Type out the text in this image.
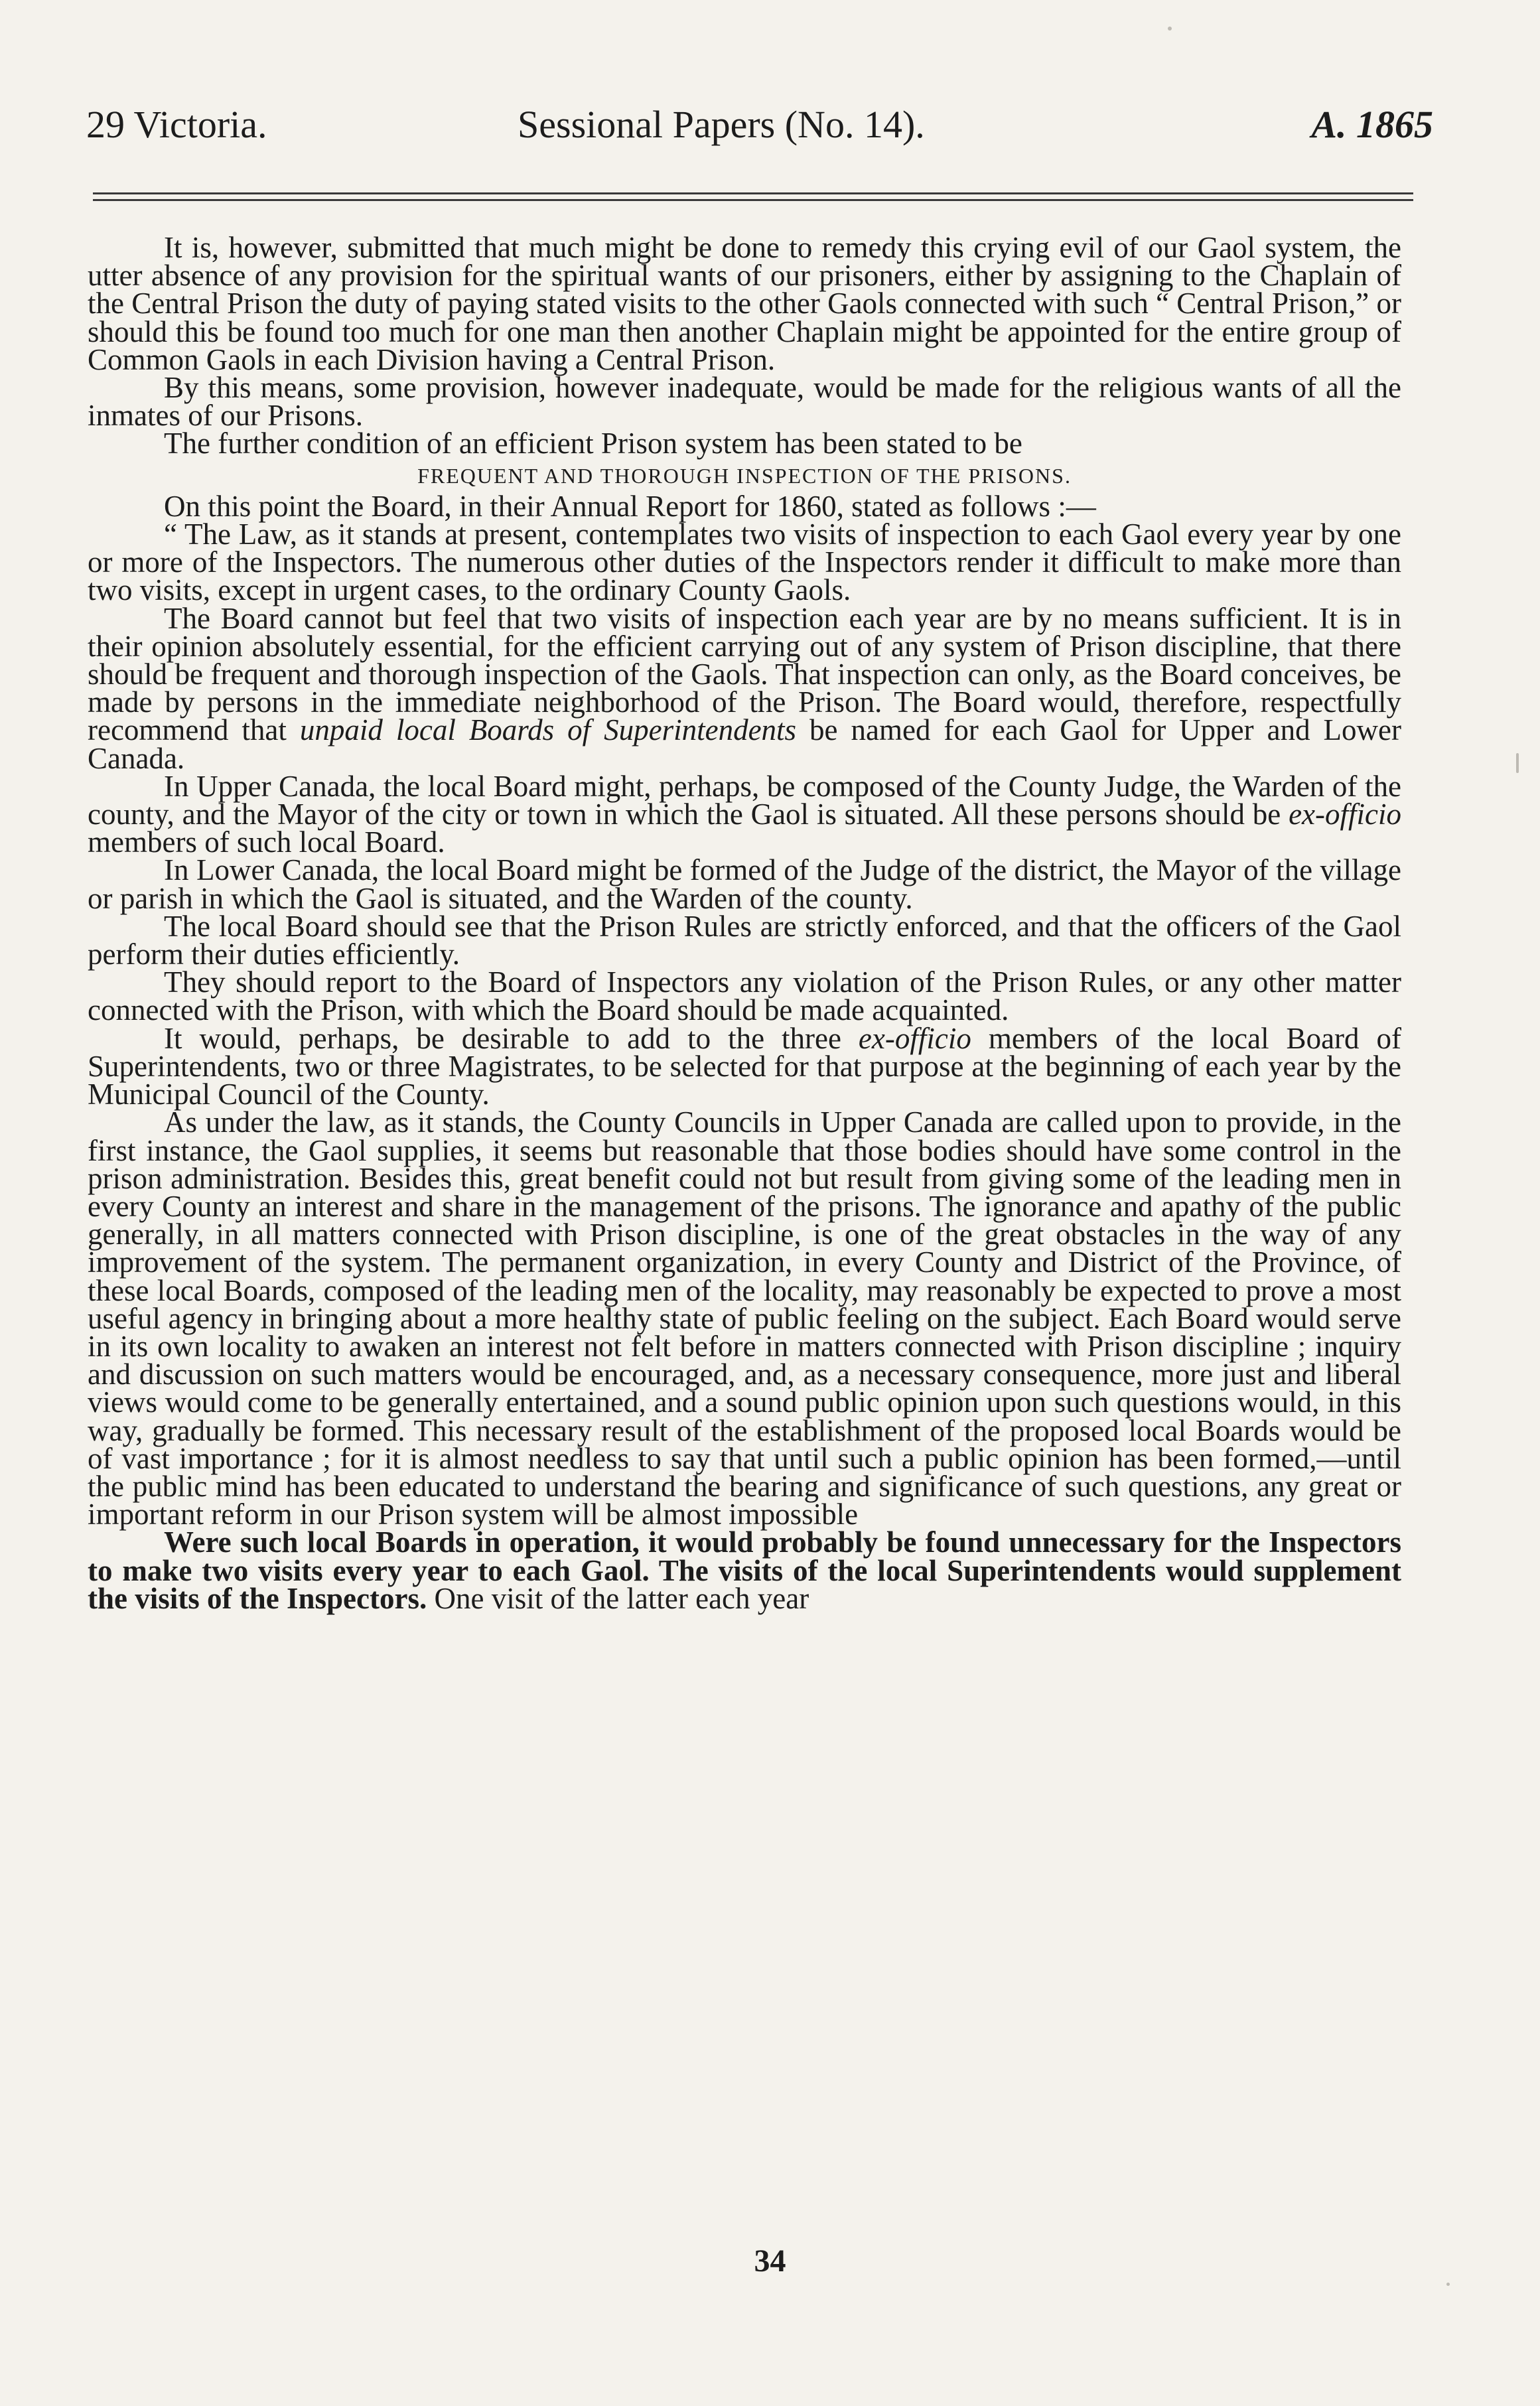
29 Victoria.	Sessional Papers (No. 14).	A. 1865

It is, however, submitted that much might be done to remedy this crying evil of our Gaol system, the utter absence of any provision for the spiritual wants of our prisoners, either by assigning to the Chaplain of the Central Prison the duty of paying stated visits to the other Gaols connected with such “ Central Prison,” or should this be found too much for one man then another Chaplain might be appointed for the entire group of Common Gaols in each Division having a Central Prison.

By this means, some provision, however inadequate, would be made for the religious wants of all the inmates of our Prisons.

The further condition of an efficient Prison system has been stated to be

FREQUENT AND THOROUGH INSPECTION OF THE PRISONS.

On this point the Board, in their Annual Report for 1860, stated as follows :—

“ The Law, as it stands at present, contemplates two visits of inspection to each Gaol every year by one or more of the Inspectors. The numerous other duties of the Inspectors render it difficult to make more than two visits, except in urgent cases, to the ordinary County Gaols.

The Board cannot but feel that two visits of inspection each year are by no means sufficient. It is in their opinion absolutely essential, for the efficient carrying out of any system of Prison discipline, that there should be frequent and thorough inspection of the Gaols. That inspection can only, as the Board conceives, be made by persons in the immediate neighborhood of the Prison. The Board would, therefore, respectfully recommend that unpaid local Boards of Superintendents be named for each Gaol for Upper and Lower Canada.

In Upper Canada, the local Board might, perhaps, be composed of the County Judge, the Warden of the county, and the Mayor of the city or town in which the Gaol is situated. All these persons should be ex-officio members of such local Board.

In Lower Canada, the local Board might be formed of the Judge of the district, the Mayor of the village or parish in which the Gaol is situated, and the Warden of the county.

The local Board should see that the Prison Rules are strictly enforced, and that the officers of the Gaol perform their duties efficiently.

They should report to the Board of Inspectors any violation of the Prison Rules, or any other matter connected with the Prison, with which the Board should be made acquainted.

It would, perhaps, be desirable to add to the three ex-officio members of the local Board of Superintendents, two or three Magistrates, to be selected for that purpose at the beginning of each year by the Municipal Council of the County.

As under the law, as it stands, the County Councils in Upper Canada are called upon to provide, in the first instance, the Gaol supplies, it seems but reasonable that those bodies should have some control in the prison administration. Besides this, great benefit could not but result from giving some of the leading men in every County an interest and share in the management of the prisons. The ignorance and apathy of the public generally, in all matters connected with Prison discipline, is one of the great obstacles in the way of any improvement of the system. The permanent organization, in every County and District of the Province, of these local Boards, composed of the leading men of the locality, may reasonably be expected to prove a most useful agency in bringing about a more healthy state of public feeling on the subject. Each Board would serve in its own locality to awaken an interest not felt before in matters connected with Prison discipline ; inquiry and discussion on such matters would be encouraged, and, as a necessary consequence, more just and liberal views would come to be generally entertained, and a sound public opinion upon such questions would, in this way, gradually be formed. This necessary result of the establishment of the proposed local Boards would be of vast importance ; for it is almost needless to say that until such a public opinion has been formed,—until the public mind has been educated to understand the bearing and significance of such questions, any great or important reform in our Prison system will be almost impossible

Were such local Boards in operation, it would probably be found unnecessary for the Inspectors to make two visits every year to each Gaol. The visits of the local Superintendents would supplement the visits of the Inspectors. One visit of the latter each year

34
